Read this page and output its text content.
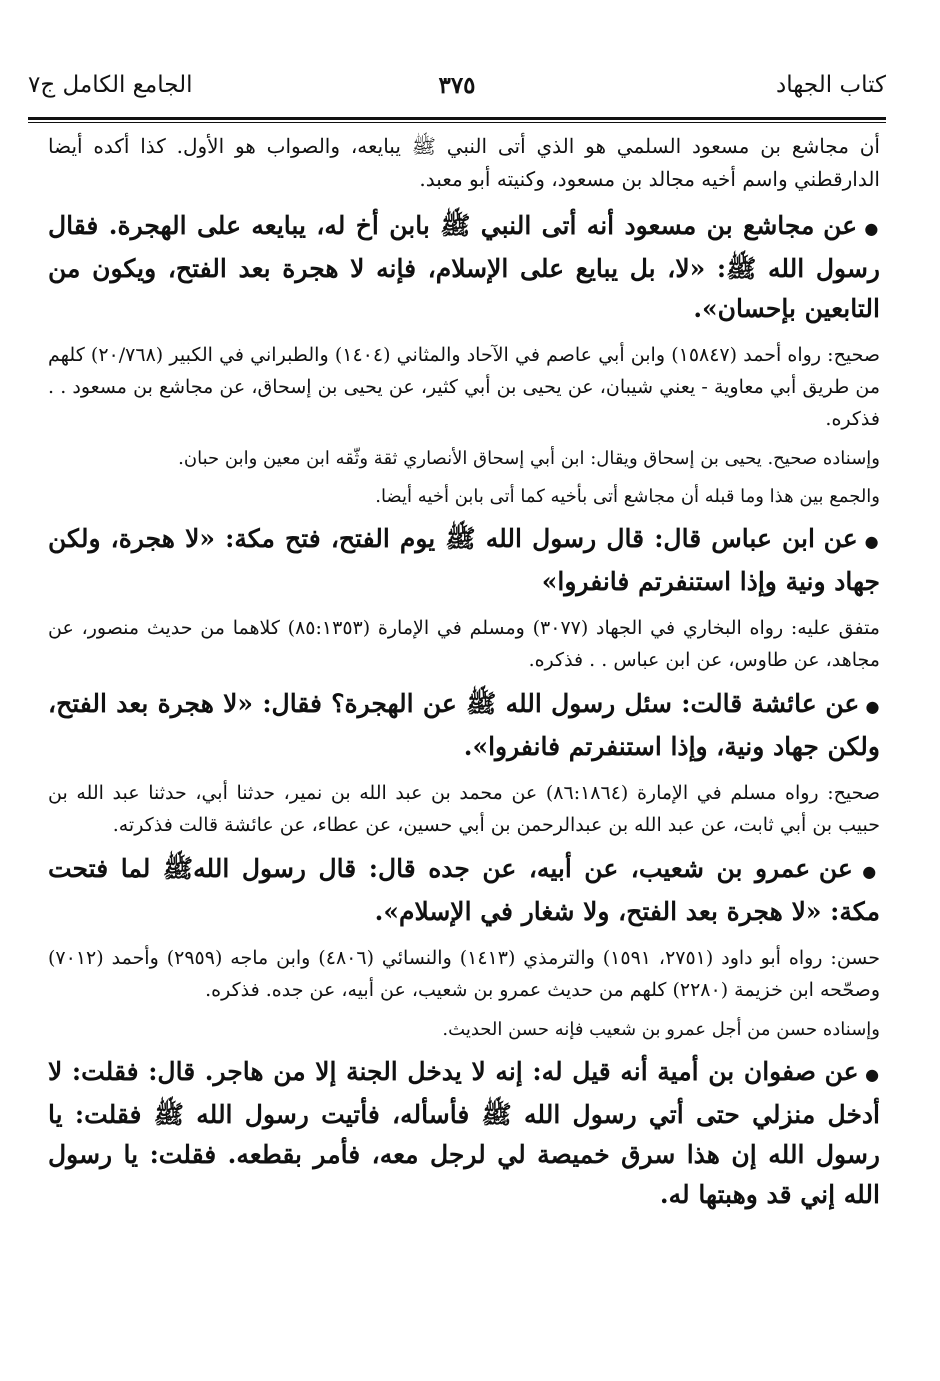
كتاب الجهاد
٣٧٥
الجامع الكامل ج٧

أن مجاشع بن مسعود السلمي هو الذي أتى النبي ﷺ يبايعه، والصواب هو الأول. كذا أكده أيضا الدارقطني واسم أخيه مجالد بن مسعود، وكنيته أبو معبد.

● عن مجاشع بن مسعود أنه أتى النبي ﷺ بابن أخ له، يبايعه على الهجرة. فقال رسول الله ﷺ: «لا، بل يبايع على الإسلام، فإنه لا هجرة بعد الفتح، ويكون من التابعين بإحسان».

صحيح: رواه أحمد (١٥٨٤٧) وابن أبي عاصم في الآحاد والمثاني (١٤٠٤) والطبراني في الكبير (٢٠/٧٦٨) كلهم من طريق أبي معاوية - يعني شيبان، عن يحيى بن أبي كثير، عن يحيى بن إسحاق، عن مجاشع بن مسعود . . فذكره.

وإسناده صحيح. يحيى بن إسحاق ويقال: ابن أبي إسحاق الأنصاري ثقة وثّقه ابن معين وابن حبان.

والجمع بين هذا وما قبله أن مجاشع أتى بأخيه كما أتى بابن أخيه أيضا.

● عن ابن عباس قال: قال رسول الله ﷺ يوم الفتح، فتح مكة: «لا هجرة، ولكن جهاد ونية وإذا استنفرتم فانفروا»

متفق عليه: رواه البخاري في الجهاد (٣٠٧٧) ومسلم في الإمارة (٨٥:١٣٥٣) كلاهما من حديث منصور، عن مجاهد، عن طاوس، عن ابن عباس . . فذكره.

● عن عائشة قالت: سئل رسول الله ﷺ عن الهجرة؟ فقال: «لا هجرة بعد الفتح، ولكن جهاد ونية، وإذا استنفرتم فانفروا».

صحيح: رواه مسلم في الإمارة (٨٦:١٨٦٤) عن محمد بن عبد الله بن نمير، حدثنا أبي، حدثنا عبد الله بن حبيب بن أبي ثابت، عن عبد الله بن عبدالرحمن بن أبي حسين، عن عطاء، عن عائشة قالت فذكرته.

● عن عمرو بن شعيب، عن أبيه، عن جده قال: قال رسول اللهﷺ لما فتحت مكة: «لا هجرة بعد الفتح، ولا شغار في الإسلام».

حسن: رواه أبو داود (٢٧٥١، ١٥٩١) والترمذي (١٤١٣) والنسائي (٤٨٠٦) وابن ماجه (٢٩٥٩) وأحمد (٧٠١٢) وصحّحه ابن خزيمة (٢٢٨٠) كلهم من حديث عمرو بن شعيب، عن أبيه، عن جده. فذكره.

وإسناده حسن من أجل عمرو بن شعيب فإنه حسن الحديث.

● عن صفوان بن أمية أنه قيل له: إنه لا يدخل الجنة إلا من هاجر. قال: فقلت: لا أدخل منزلي حتى أتي رسول الله ﷺ فأسأله، فأتيت رسول الله ﷺ فقلت: يا رسول الله إن هذا سرق خميصة لي لرجل معه، فأمر بقطعه. فقلت: يا رسول الله إني قد وهبتها له.
